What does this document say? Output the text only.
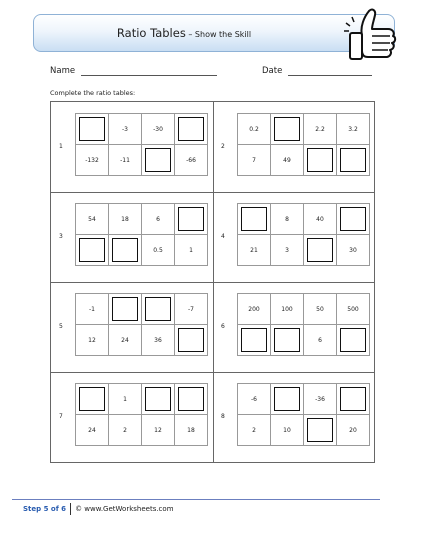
Ratio Tables – Show the Skill
Name	Date
Complete the ratio tables:
1
	-3	-30	
-132	-11		-66
2
0.2		2.2	3.2
7	49		
3
54	18	6	
		0.5	1
4
	8	40	
21	3		30
5
-1			-7
12	24	36	
6
200	100	50	500
		6	
7
	1		
24	2	12	18
8
-6		-36	
2	10		20
Step 5 of 6 © www.GetWorksheets.com
